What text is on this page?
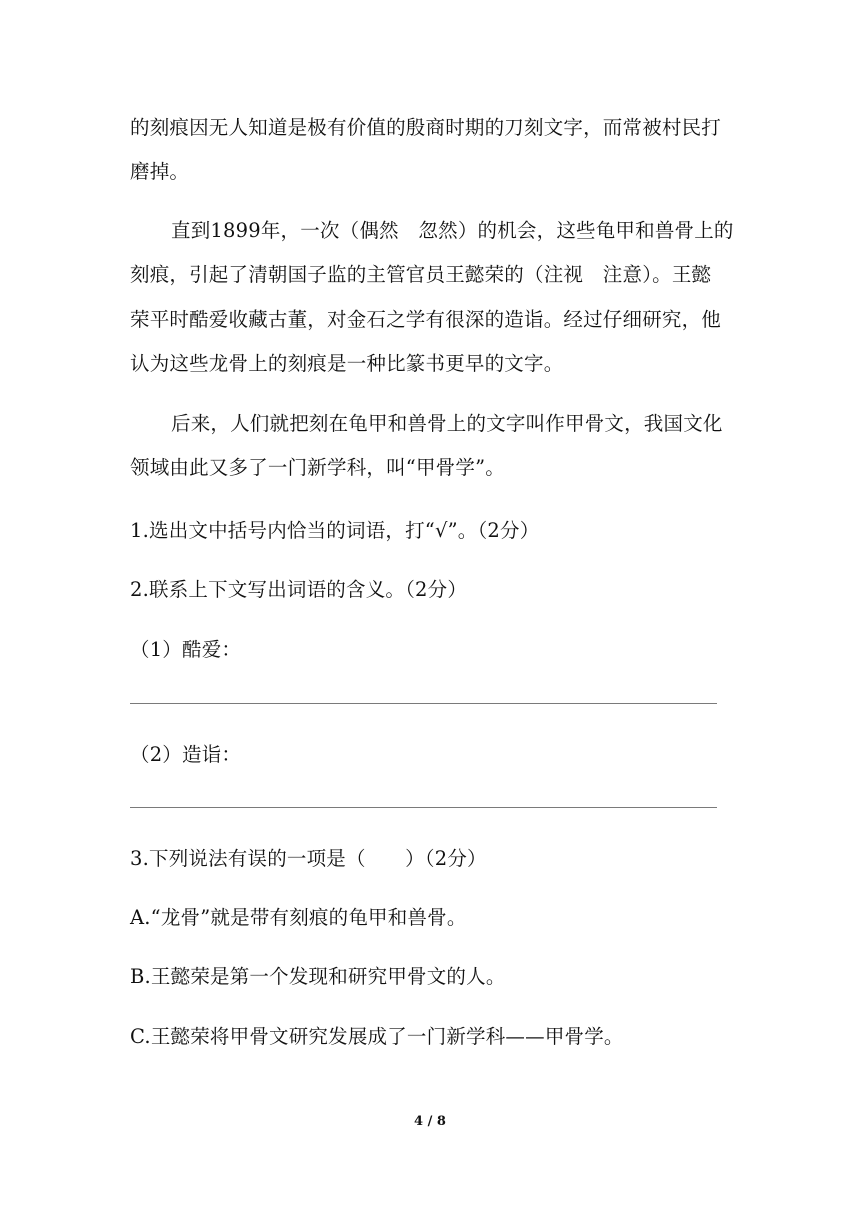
的刻痕因无人知道是极有价值的殷商时期的刀刻文字，而常被村民打
磨掉。
直到1899年，一次（偶然　忽然）的机会，这些龟甲和兽骨上的
刻痕，引起了清朝国子监的主管官员王懿荣的（注视　注意）。王懿
荣平时酷爱收藏古董，对金石之学有很深的造诣。经过仔细研究，他
认为这些龙骨上的刻痕是一种比篆书更早的文字。
后来，人们就把刻在龟甲和兽骨上的文字叫作甲骨文，我国文化
领域由此又多了一门新学科，叫“甲骨学”。
1.选出文中括号内恰当的词语，打“√”。（2分）
2.联系上下文写出词语的含义。（2分）
（1）酷爱：
（2）造诣：
3.下列说法有误的一项是（　　）（2分）
A.“龙骨”就是带有刻痕的龟甲和兽骨。
B.王懿荣是第一个发现和研究甲骨文的人。
C.王懿荣将甲骨文研究发展成了一门新学科——甲骨学。
4 / 8
